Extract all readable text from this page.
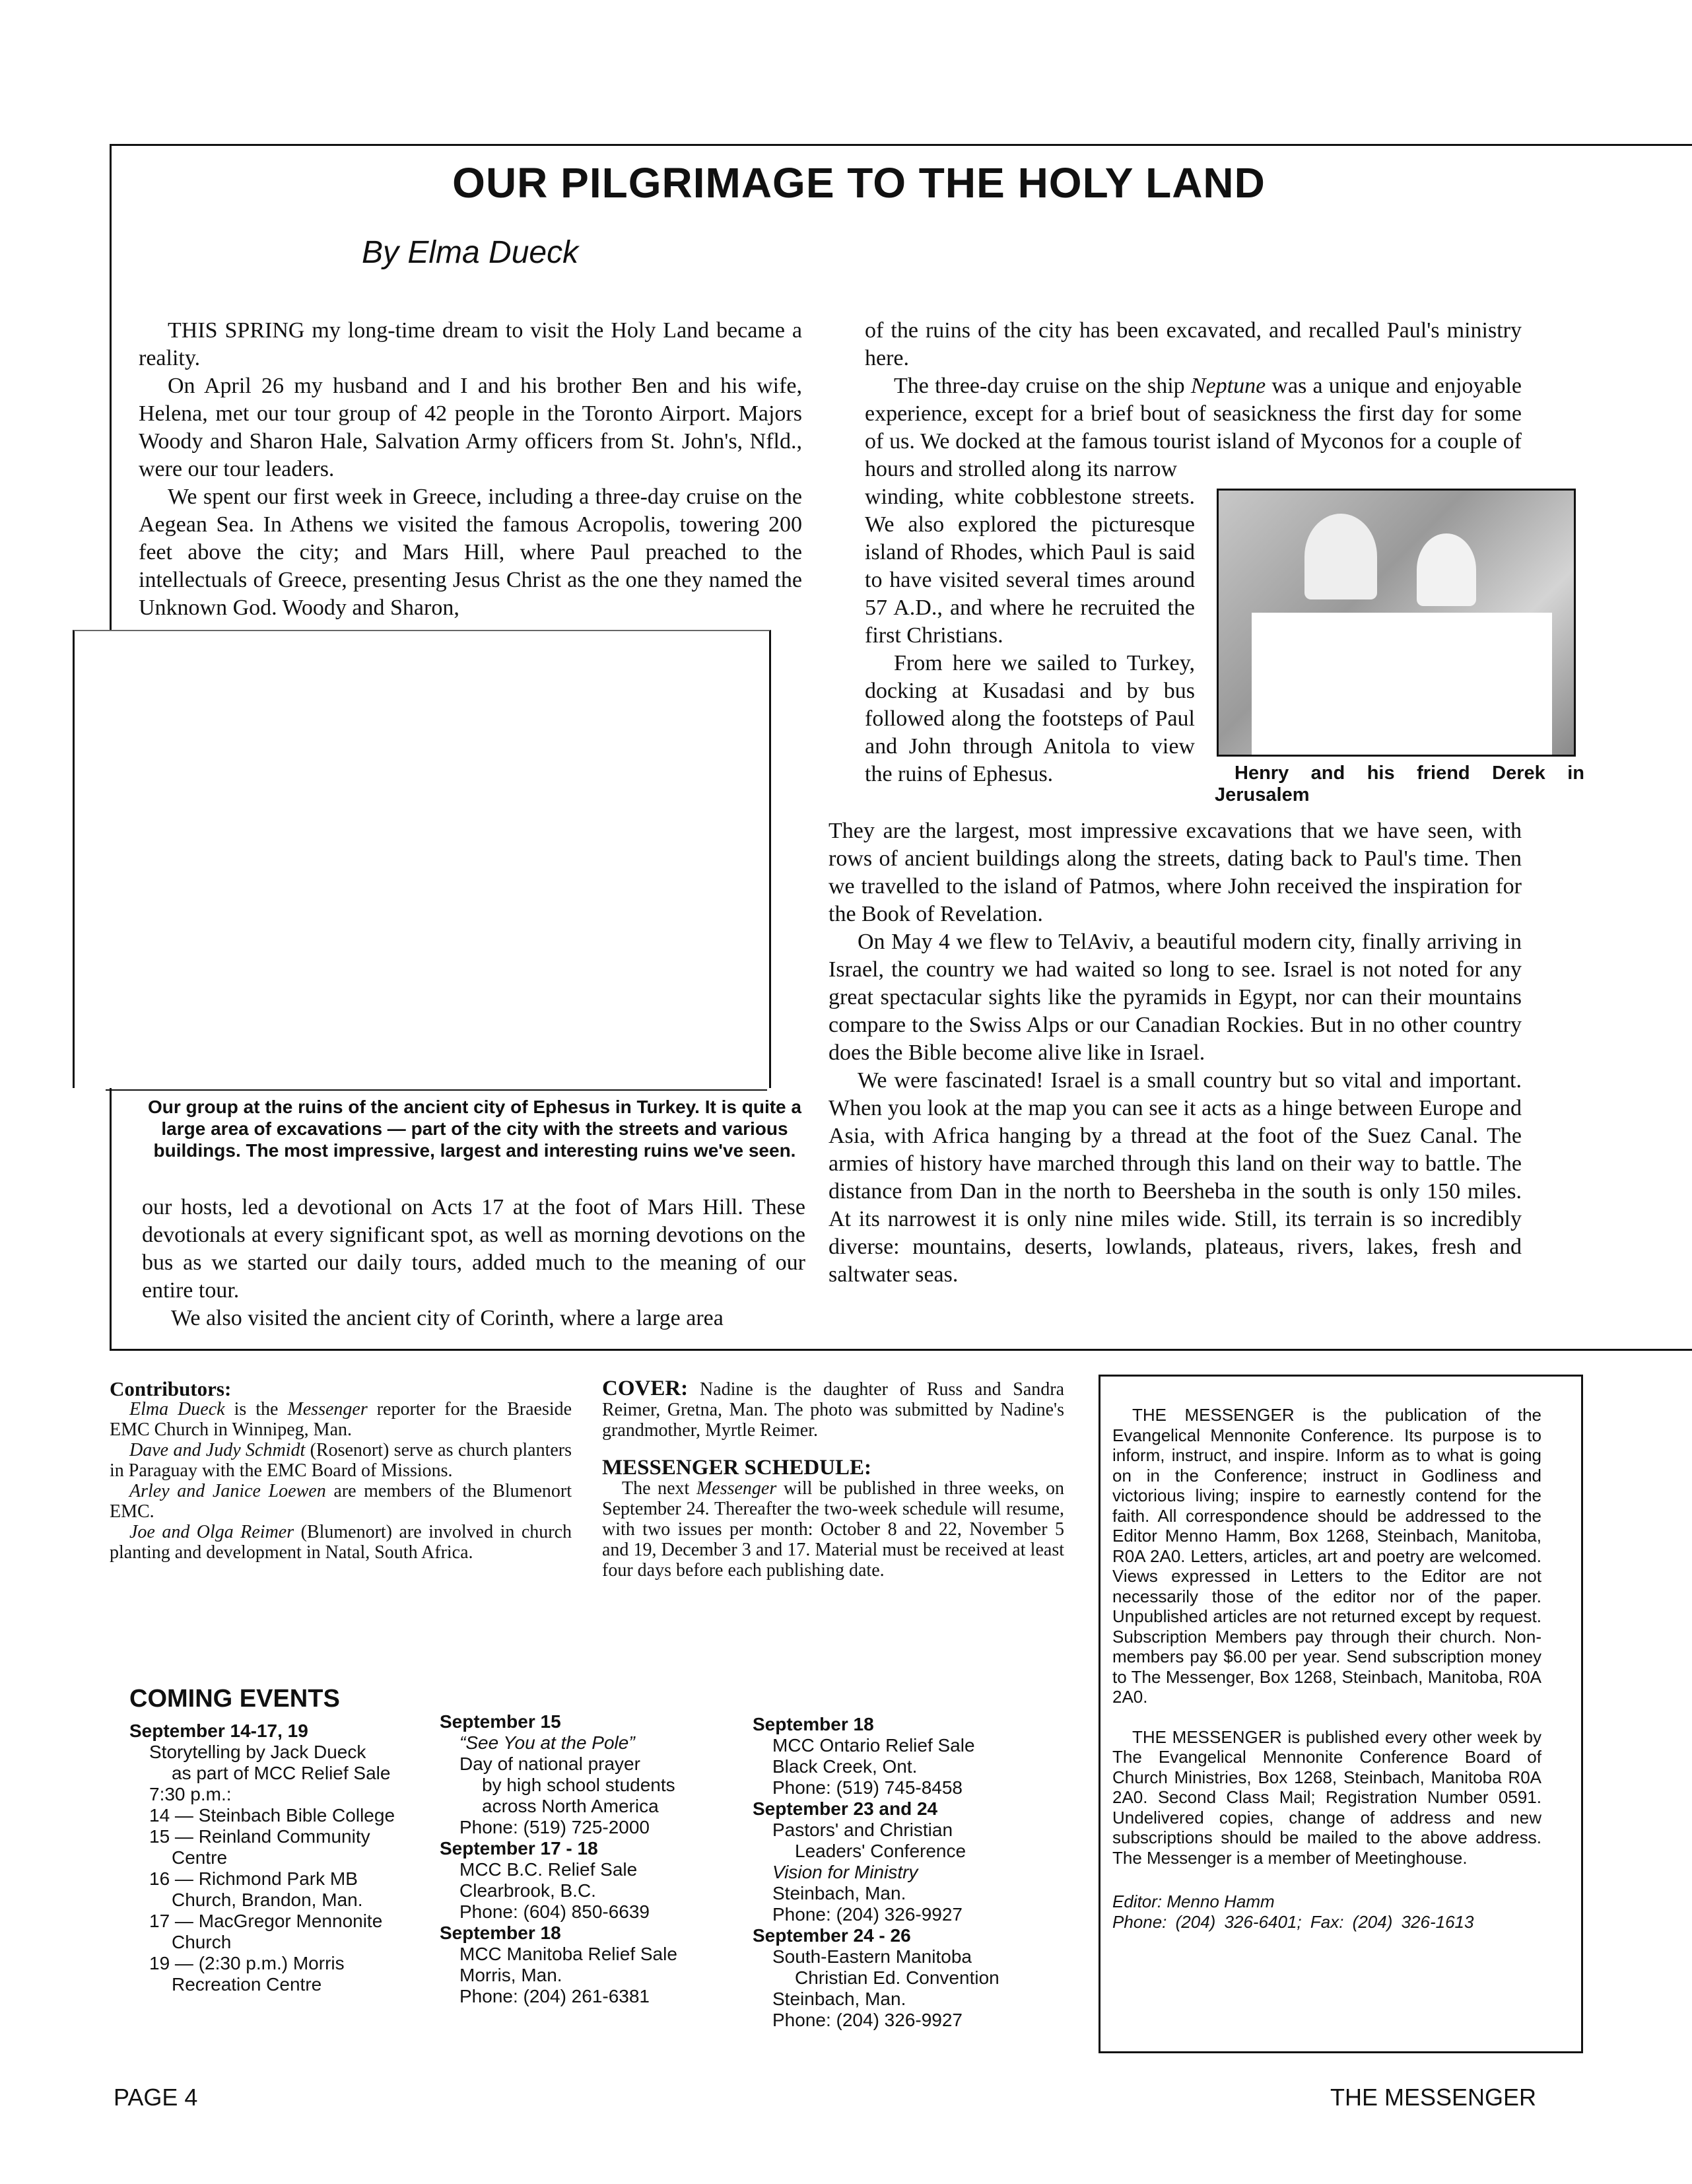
OUR PILGRIMAGE TO THE HOLY LAND
By Elma Dueck

THIS SPRING my long-time dream to visit the Holy Land became a reality.

On April 26 my husband and I and his brother Ben and his wife, Helena, met our tour group of 42 people in the Toronto Airport. Majors Woody and Sharon Hale, Salvation Army officers from St. John's, Nfld., were our tour leaders.

We spent our first week in Greece, including a three-day cruise on the Aegean Sea. In Athens we visited the famous Acropolis, towering 200 feet above the city; and Mars Hill, where Paul preached to the intellectuals of Greece, presenting Jesus Christ as the one they named the Unknown God. Woody and Sharon,

Our group at the ruins of the ancient city of Ephesus in Turkey. It is quite a large area of excavations — part of the city with the streets and various buildings. The most impressive, largest and interesting ruins we've seen.

our hosts, led a devotional on Acts 17 at the foot of Mars Hill. These devotionals at every significant spot, as well as morning devotions on the bus as we started our daily tours, added much to the meaning of our entire tour.

We also visited the ancient city of Corinth, where a large area

of the ruins of the city has been excavated, and recalled Paul's ministry here.

The three-day cruise on the ship Neptune was a unique and enjoyable experience, except for a brief bout of seasickness the first day for some of us. We docked at the famous tourist island of Myconos for a couple of hours and strolled along its narrow

Henry and his friend Derek in Jerusalem

winding, white cobblestone streets. We also explored the picturesque island of Rhodes, which Paul is said to have visited several times around 57 A.D., and where he recruited the first Christians.

From here we sailed to Turkey, docking at Kusadasi and by bus followed along the footsteps of Paul and John through Anitola to view the ruins of Ephesus.

They are the largest, most impressive excavations that we have seen, with rows of ancient buildings along the streets, dating back to Paul's time. Then we travelled to the island of Patmos, where John received the inspiration for the Book of Revelation.

On May 4 we flew to TelAviv, a beautiful modern city, finally arriving in Israel, the country we had waited so long to see. Israel is not noted for any great spectacular sights like the pyramids in Egypt, nor can their mountains compare to the Swiss Alps or our Canadian Rockies. But in no other country does the Bible become alive like in Israel.

We were fascinated! Israel is a small country but so vital and important. When you look at the map you can see it acts as a hinge between Europe and Asia, with Africa hanging by a thread at the foot of the Suez Canal. The armies of history have marched through this land on their way to battle. The distance from Dan in the north to Beersheba in the south is only 150 miles. At its narrowest it is only nine miles wide. Still, its terrain is so incredibly diverse: mountains, deserts, lowlands, plateaus, rivers, lakes, fresh and saltwater seas.

Contributors:

Elma Dueck is the Messenger reporter for the Braeside EMC Church in Winnipeg, Man.

Dave and Judy Schmidt (Rosenort) serve as church planters in Paraguay with the EMC Board of Missions.

Arley and Janice Loewen are members of the Blumenort EMC.

Joe and Olga Reimer (Blumenort) are involved in church planting and development in Natal, South Africa.

COVER: Nadine is the daughter of Russ and Sandra Reimer, Gretna, Man. The photo was submitted by Nadine's grandmother, Myrtle Reimer.

MESSENGER SCHEDULE:

The next Messenger will be published in three weeks, on September 24. Thereafter the two-week schedule will resume, with two issues per month: October 8 and 22, November 5 and 19, December 3 and 17. Material must be received at least four days before each publishing date.

THE MESSENGER is the publication of the Evangelical Mennonite Conference. Its purpose is to inform, instruct, and inspire. Inform as to what is going on in the Conference; instruct in Godliness and victorious living; inspire to earnestly contend for the faith. All correspondence should be addressed to the Editor Menno Hamm, Box 1268, Steinbach, Manitoba, R0A 2A0. Letters, articles, art and poetry are welcomed. Views expressed in Letters to the Editor are not necessarily those of the editor nor of the paper. Unpublished articles are not returned except by request. Subscription Members pay through their church. Non-members pay $6.00 per year. Send subscription money to The Messenger, Box 1268, Steinbach, Manitoba, R0A 2A0.

THE MESSENGER is published every other week by The Evangelical Mennonite Conference Board of Church Ministries, Box 1268, Steinbach, Manitoba R0A 2A0. Second Class Mail; Registration Number 0591. Undelivered copies, change of address and new subscriptions should be mailed to the above address. The Messenger is a member of Meetinghouse.

Editor: Menno Hamm

Phone: (204) 326-6401; Fax: (204) 326-1613

COMING EVENTS
September 14-17, 19
Storytelling by Jack Dueck
as part of MCC Relief Sale
7:30 p.m.:
14 — Steinbach Bible College
15 — Reinland Community
Centre
16 — Richmond Park MB
Church, Brandon, Man.
17 — MacGregor Mennonite
Church
19 — (2:30 p.m.) Morris
Recreation Centre
September 15
“See You at the Pole”
Day of national prayer
by high school students
across North America
Phone: (519) 725-2000
September 17 - 18
MCC B.C. Relief Sale
Clearbrook, B.C.
Phone: (604) 850-6639
September 18
MCC Manitoba Relief Sale
Morris, Man.
Phone: (204) 261-6381
September 18
MCC Ontario Relief Sale
Black Creek, Ont.
Phone: (519) 745-8458
September 23 and 24
Pastors' and Christian
Leaders' Conference
Vision for Ministry
Steinbach, Man.
Phone: (204) 326-9927
September 24 - 26
South-Eastern Manitoba
Christian Ed. Convention
Steinbach, Man.
Phone: (204) 326-9927
PAGE 4	THE MESSENGER
